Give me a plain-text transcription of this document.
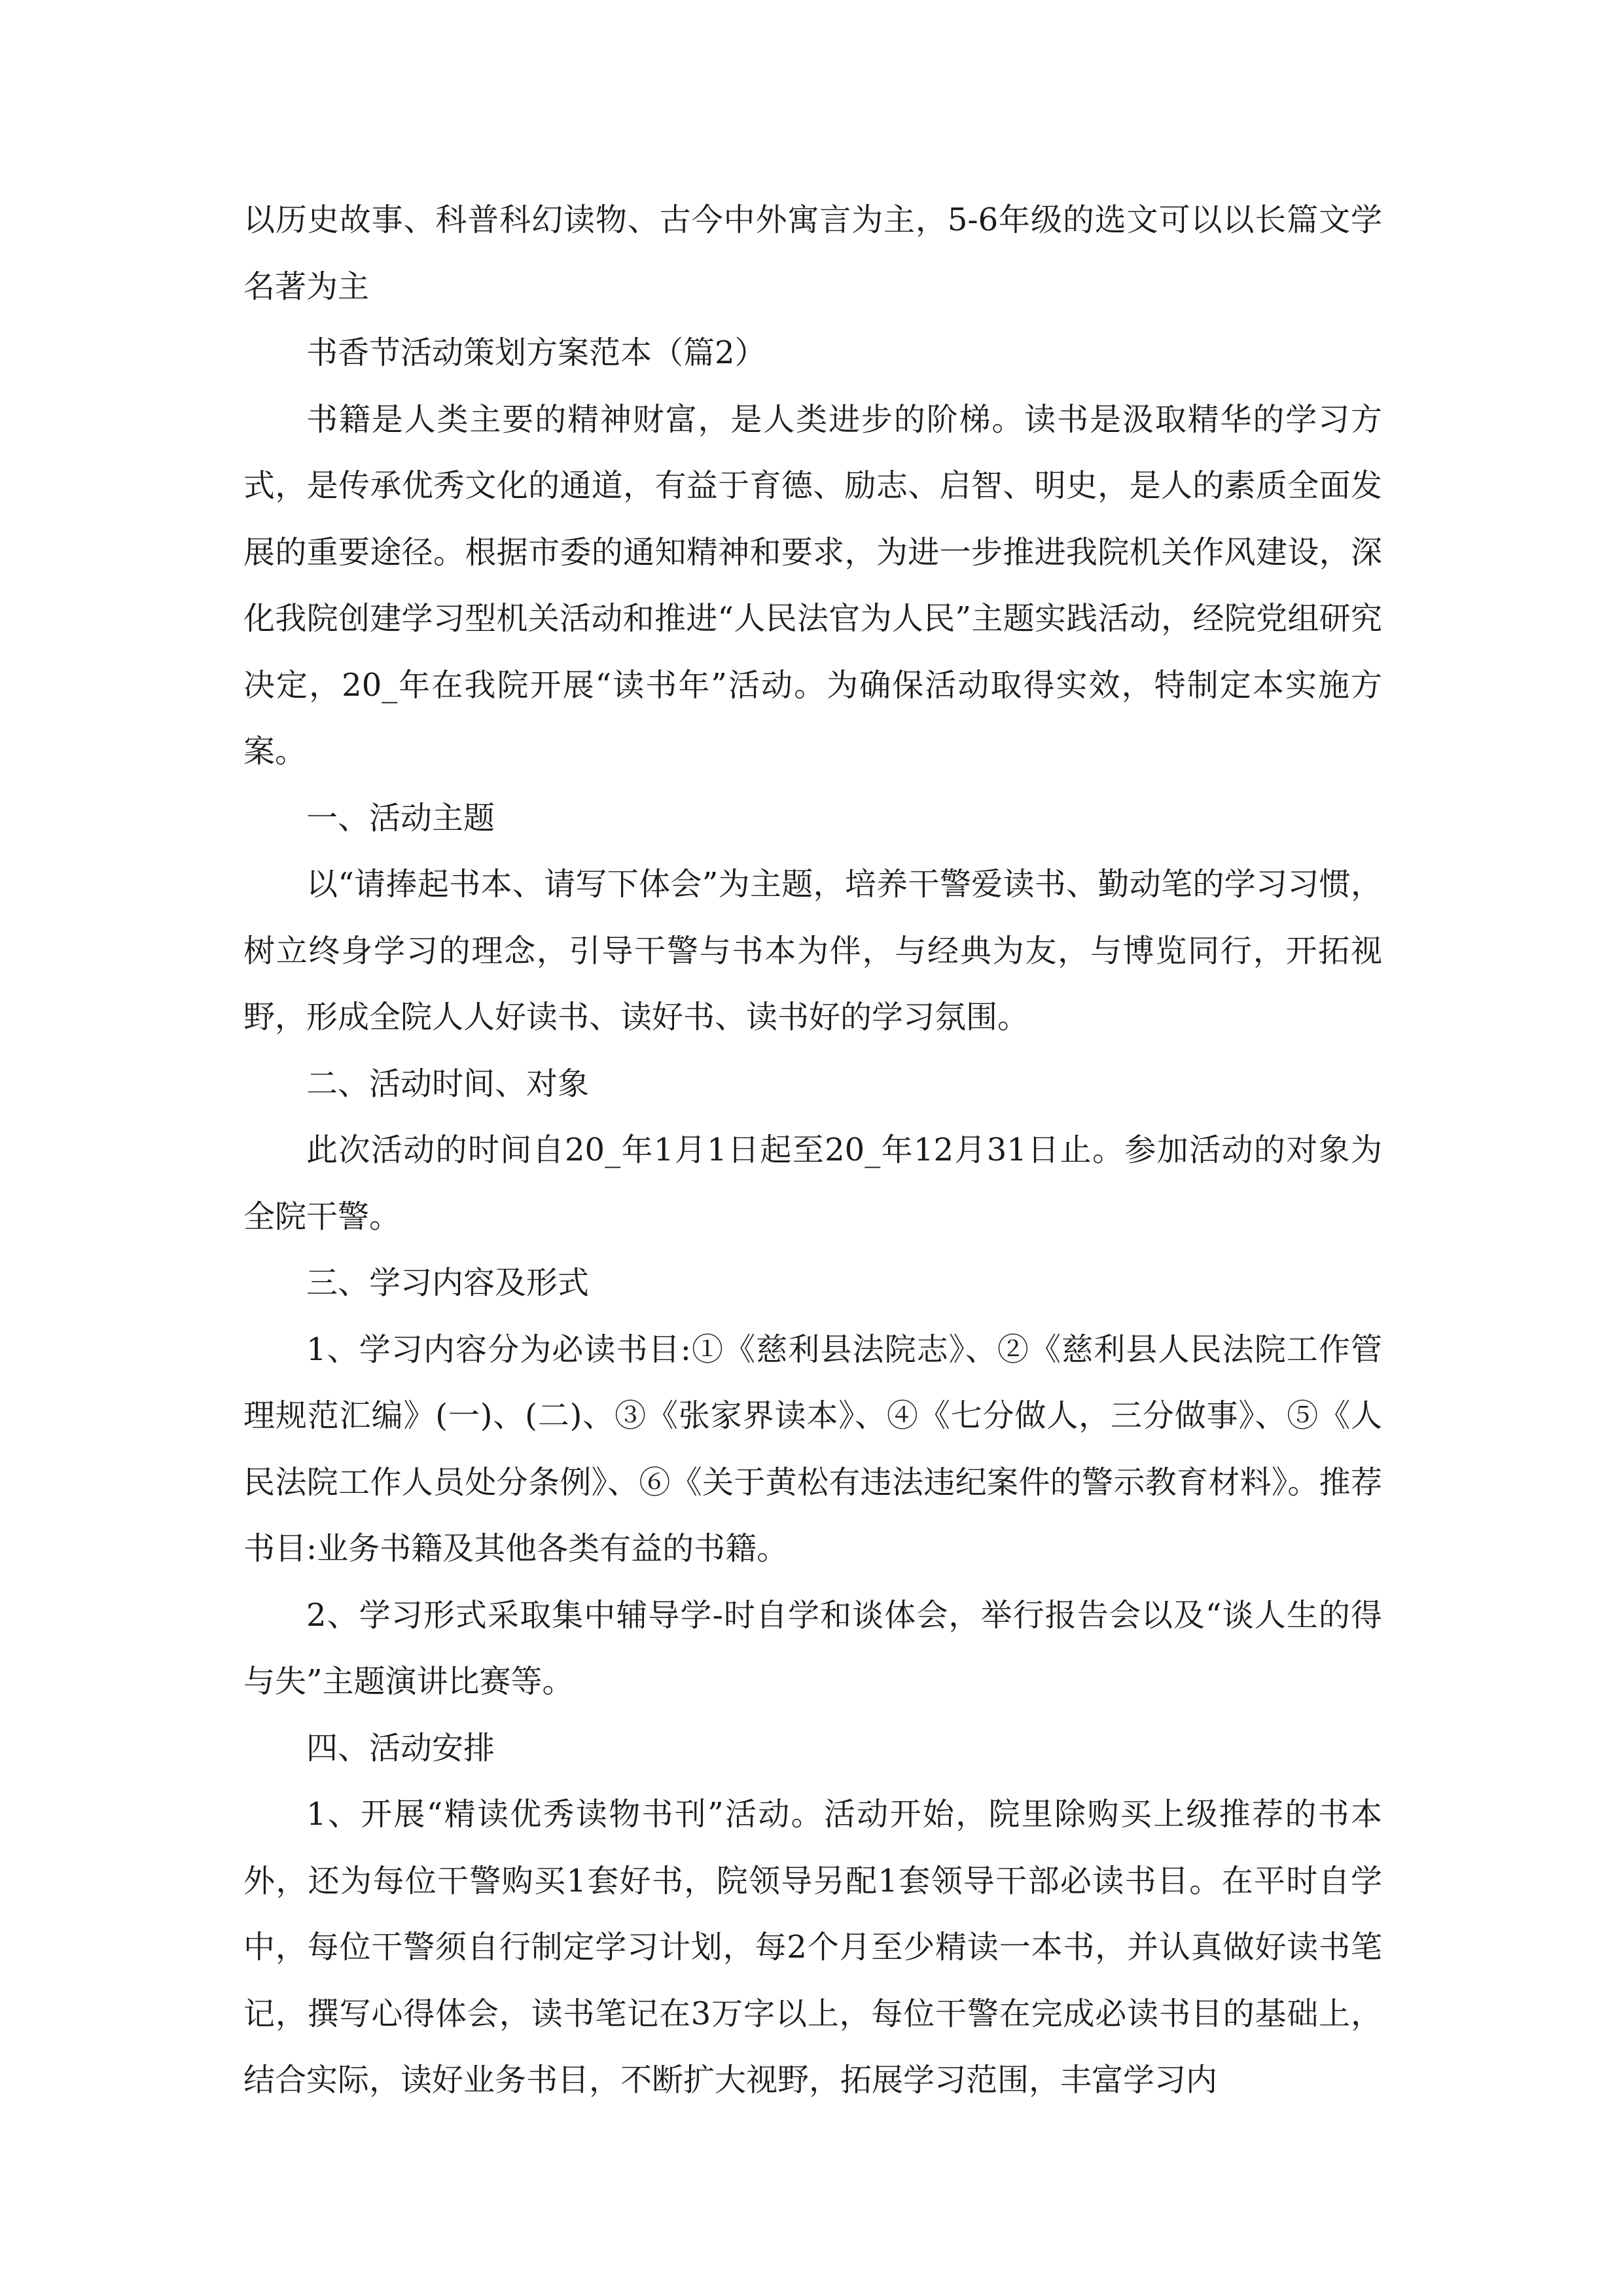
以历史故事、科普科幻读物、古今中外寓言为主，5-6年级的选文可以以长篇文学名著为主

书香节活动策划方案范本（篇2）

书籍是人类主要的精神财富，是人类进步的阶梯。读书是汲取精华的学习方式，是传承优秀文化的通道，有益于育德、励志、启智、明史，是人的素质全面发展的重要途径。根据市委的通知精神和要求，为进一步推进我院机关作风建设，深化我院创建学习型机关活动和推进“人民法官为人民”主题实践活动，经院党组研究决定，20_年在我院开展“读书年”活动。为确保活动取得实效，特制定本实施方案。

一、活动主题

以“请捧起书本、请写下体会”为主题，培养干警爱读书、勤动笔的学习习惯，树立终身学习的理念，引导干警与书本为伴，与经典为友，与博览同行，开拓视野，形成全院人人好读书、读好书、读书好的学习氛围。

二、活动时间、对象

此次活动的时间自20_年1月1日起至20_年12月31日止。参加活动的对象为全院干警。

三、学习内容及形式

1、学习内容分为必读书目:①《慈利县法院志》、②《慈利县人民法院工作管理规范汇编》(一)、(二)、③《张家界读本》、④《七分做人，三分做事》、⑤《人民法院工作人员处分条例》、⑥《关于黄松有违法违纪案件的警示教育材料》。推荐书目:业务书籍及其他各类有益的书籍。

2、学习形式采取集中辅导学-时自学和谈体会，举行报告会以及“谈人生的得与失”主题演讲比赛等。

四、活动安排

1、开展“精读优秀读物书刊”活动。活动开始，院里除购买上级推荐的书本外，还为每位干警购买1套好书，院领导另配1套领导干部必读书目。在平时自学中，每位干警须自行制定学习计划，每2个月至少精读一本书，并认真做好读书笔记，撰写心得体会，读书笔记在3万字以上，每位干警在完成必读书目的基础上，结合实际，读好业务书目，不断扩大视野，拓展学习范围，丰富学习内
